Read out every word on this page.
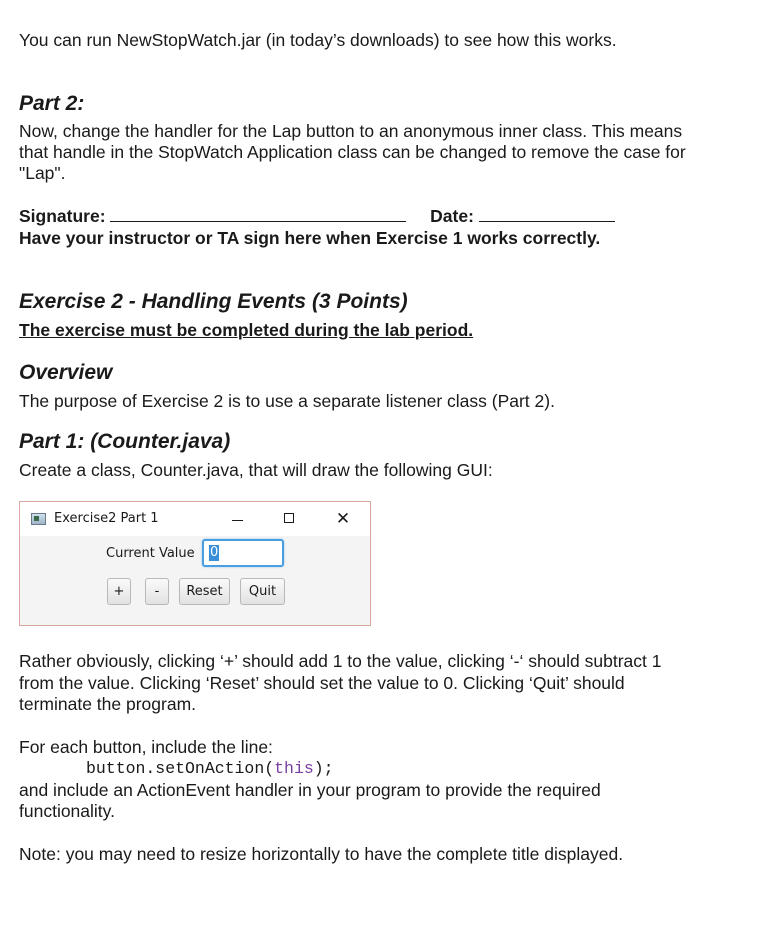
You can run NewStopWatch.jar (in today’s downloads) to see how this works.

Part 2:

Now, change the handler for the Lap button to an anonymous inner class. This means

that handle in the StopWatch Application class can be changed to remove the case for

"Lap".

Signature:	Date:

Have your instructor or TA sign here when Exercise 1 works correctly.

Exercise 2 - Handling Events (3 Points)

The exercise must be completed during the lab period.

Overview

The purpose of Exercise 2 is to use a separate listener class (Part 2).

Part 1: (Counter.java)

Create a class, Counter.java, that will draw the following GUI:

Rather obviously, clicking ‘+’ should add 1 to the value, clicking ‘-‘ should subtract 1

from the value. Clicking ‘Reset’ should set the value to 0. Clicking ‘Quit’ should

terminate the program.

For each button, include the line:

button.setOnAction(this);

and include an ActionEvent handler in your program to provide the required

functionality.

Note: you may need to resize horizontally to have the complete title displayed.

Exercise2 Part 1	✕
Current Value 0
+	-	Reset	Quit
